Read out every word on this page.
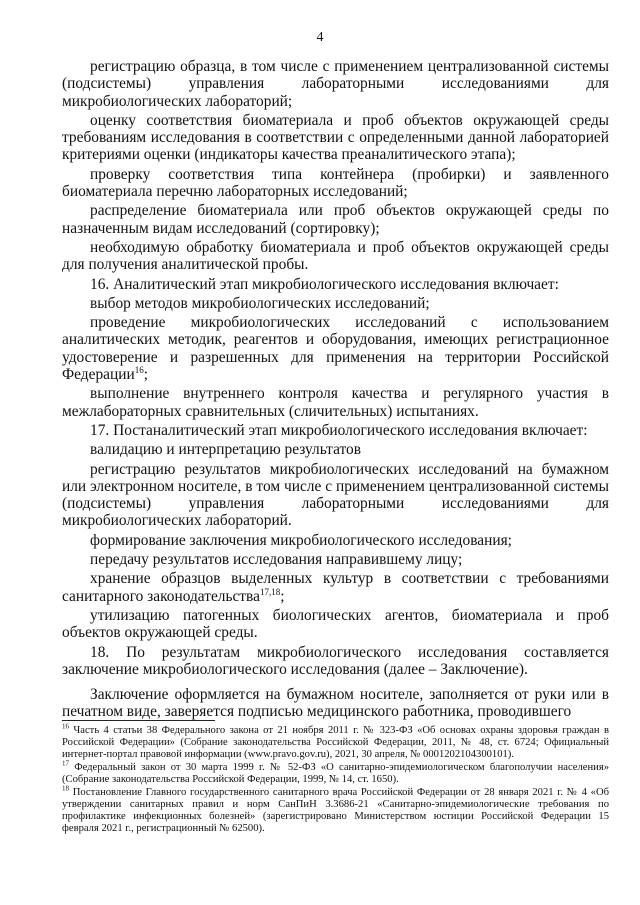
4

регистрацию образца, в том числе с применением централизованной системы (подсистемы) управления лабораторными исследованиями для микробиологических лабораторий;

оценку соответствия биоматериала и проб объектов окружающей среды требованиям исследования в соответствии с определенными данной лабораторией критериями оценки (индикаторы качества преаналитического этапа);

проверку соответствия типа контейнера (пробирки) и заявленного биоматериала перечню лабораторных исследований;

распределение биоматериала или проб объектов окружающей среды по назначенным видам исследований (сортировку);

необходимую обработку биоматериала и проб объектов окружающей среды для получения аналитической пробы.

16. Аналитический этап микробиологического исследования включает:

выбор методов микробиологических исследований;

проведение микробиологических исследований с использованием аналитических методик, реагентов и оборудования, имеющих регистрационное удостоверение и разрешенных для применения на территории Российской Федерации$^{16}$;

выполнение внутреннего контроля качества и регулярного участия в межлабораторных сравнительных (сличительных) испытаниях.

17. Постаналитический этап микробиологического исследования включает:

валидацию и интерпретацию результатов

регистрацию результатов микробиологических исследований на бумажном или электронном носителе, в том числе с применением централизованной системы (подсистемы) управления лабораторными исследованиями для микробиологических лабораторий.

формирование заключения микробиологического исследования;

передачу результатов исследования направившему лицу;

хранение образцов выделенных культур в соответствии с требованиями санитарного законодательства$^{17,18}$;

утилизацию патогенных биологических агентов, биоматериала и проб объектов окружающей среды.

18. По результатам микробиологического исследования составляется заключение микробиологического исследования (далее – Заключение).

Заключение оформляется на бумажном носителе, заполняется от руки или в печатном виде, заверяется подписью медицинского работника, проводившего

$^{16}$ Часть 4 статьи 38 Федерального закона от 21 ноября 2011 г. № 323-ФЗ «Об основах охраны здоровья граждан в Российской Федерации» (Собрание законодательства Российской Федерации, 2011, № 48, ст. 6724; Официальный интернет-портал правовой информации (www.pravo.gov.ru), 2021, 30 апреля, № 0001202104300101).

$^{17}$ Федеральный закон от 30 марта 1999 г. № 52-ФЗ «О санитарно-эпидемиологическом благополучии населения» (Собрание законодательства Российской Федерации, 1999, № 14, ст. 1650).

$^{18}$ Постановление Главного государственного санитарного врача Российской Федерации от 28 января 2021 г. № 4 «Об утверждении санитарных правил и норм СанПиН 3.3686-21 «Санитарно-эпидемиологические требования по профилактике инфекционных болезней» (зарегистрировано Министерством юстиции Российской Федерации 15 февраля 2021 г., регистрационный № 62500).
